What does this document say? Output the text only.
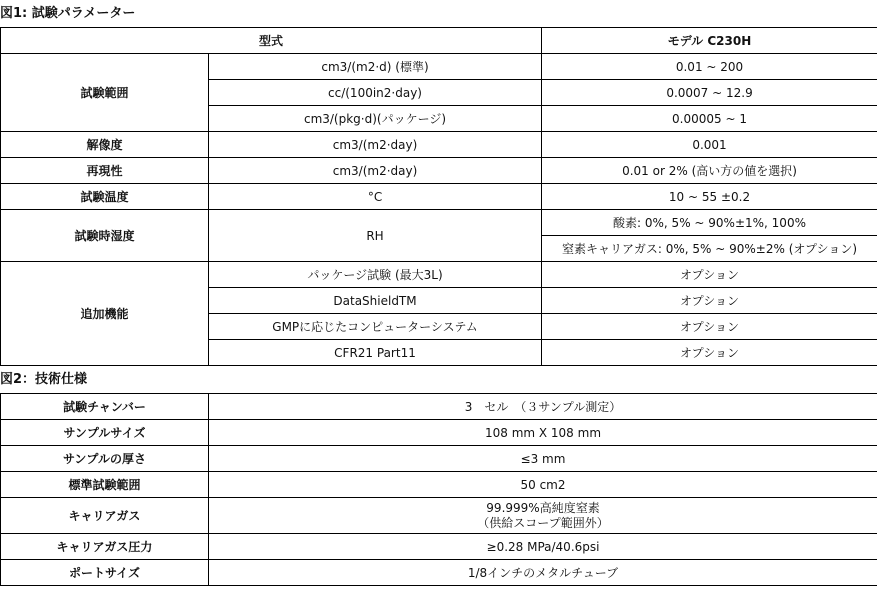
図1: 試験パラメーター
型式		モデル C230H
試験範囲	cm3/(m2·d) (標準)	0.01 ~ 200
	cc/(100in2·day)	0.0007 ~ 12.9
	cm3/(pkg·d)(パッケージ)	0.00005 ~ 1
解像度	cm3/(m2·day)	0.001
再現性	cm3/(m2·day)	0.01 or 2% (高い方の値を選択)
試験温度	°C	10 ~ 55 ±0.2
試験時湿度	RH	酸素: 0%, 5% ~ 90%±1%, 100%
		窒素キャリアガス: 0%, 5% ~ 90%±2% (オプション)
追加機能	パッケージ試験 (最大3L)	オプション
	DataShieldTM	オプション
	GMPに応じたコンピューターシステム	オプション
	CFR21 Part11	オプション
図2：技術仕様
試験チャンバー	3　セル　（３サンプル測定）
サンプルサイズ	108 mm X 108 mm
サンプルの厚さ	≤3 mm
標準試験範囲	50 cm2
キャリアガス	99.999%高純度窒素
（供給スコープ範囲外）

キャリアガス圧力	≥0.28 MPa/40.6psi
ポートサイズ	1/8インチのメタルチューブ
